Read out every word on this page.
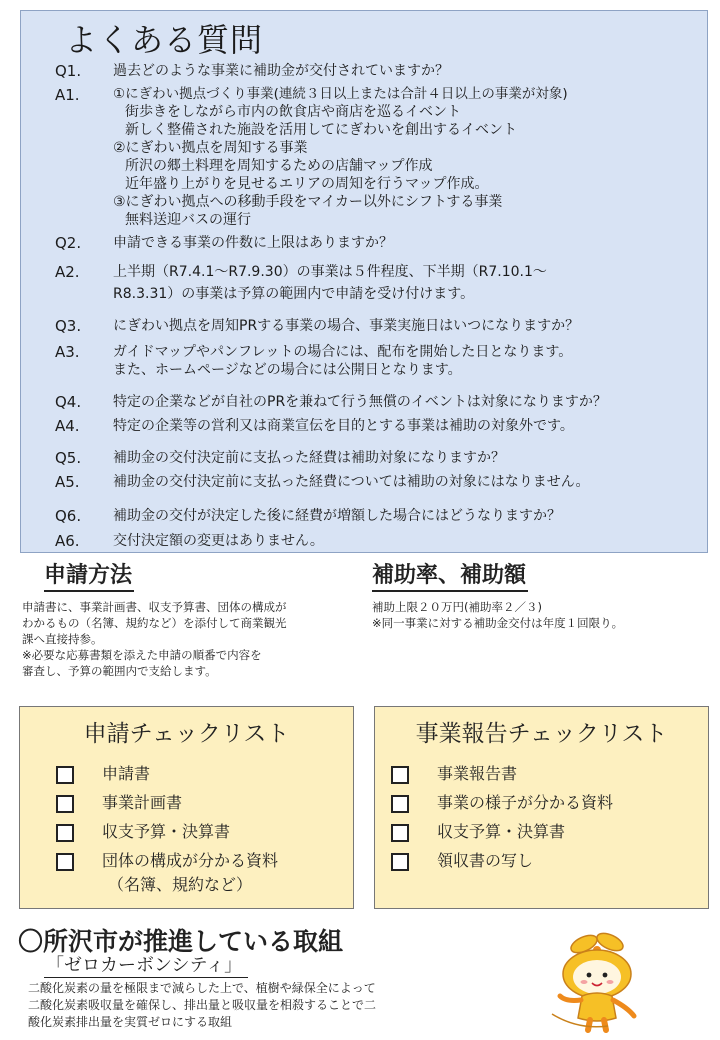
よくある質問
Q1. 過去どのような事業に補助金が交付されていますか？
A1. ①にぎわい拠点づくり事業(連続３日以上または合計４日以上の事業が対象)
街歩きをしながら市内の飲食店や商店を巡るイベント
新しく整備された施設を活用してにぎわいを創出するイベント
②にぎわい拠点を周知する事業
所沢の郷土料理を周知するための店舗マップ作成
近年盛り上がりを見せるエリアの周知を行うマップ作成。
③にぎわい拠点への移動手段をマイカー以外にシフトする事業
無料送迎バスの運行
Q2. 申請できる事業の件数に上限はありますか？
A2. 上半期（R7.4.1～R7.9.30）の事業は５件程度、下半期（R7.10.1～
R8.3.31）の事業は予算の範囲内で申請を受け付けます。
Q3. にぎわい拠点を周知PRする事業の場合、事業実施日はいつになりますか？
A3. ガイドマップやパンフレットの場合には、配布を開始した日となります。
また、ホームページなどの場合には公開日となります。
Q4. 特定の企業などが自社のPRを兼ねて行う無償のイベントは対象になりますか？
A4. 特定の企業等の営利又は商業宣伝を目的とする事業は補助の対象外です。
Q5. 補助金の交付決定前に支払った経費は補助対象になりますか？
A5. 補助金の交付決定前に支払った経費については補助の対象にはなりません。
Q6. 補助金の交付が決定した後に経費が増額した場合にはどうなりますか？
A6. 交付決定額の変更はありません。
申請方法
申請書に、事業計画書、収支予算書、団体の構成が
わかるもの（名簿、規約など）を添付して商業観光
課へ直接持参。
※必要な応募書類を添えた申請の順番で内容を
審査し、予算の範囲内で支給します。
補助率、補助額
補助上限２０万円(補助率２／３)
※同一事業に対する補助金交付は年度１回限り。
申請チェックリスト
申請書
事業計画書
収支予算・決算書
団体の構成が分かる資料
（名簿、規約など）
事業報告チェックリスト
事業報告書
事業の様子が分かる資料
収支予算・決算書
領収書の写し
〇所沢市が推進している取組
「ゼロカーボンシティ」
二酸化炭素の量を極限まで減らした上で、植樹や緑保全によって
二酸化炭素吸収量を確保し、排出量と吸収量を相殺することで二
酸化炭素排出量を実質ゼロにする取組
